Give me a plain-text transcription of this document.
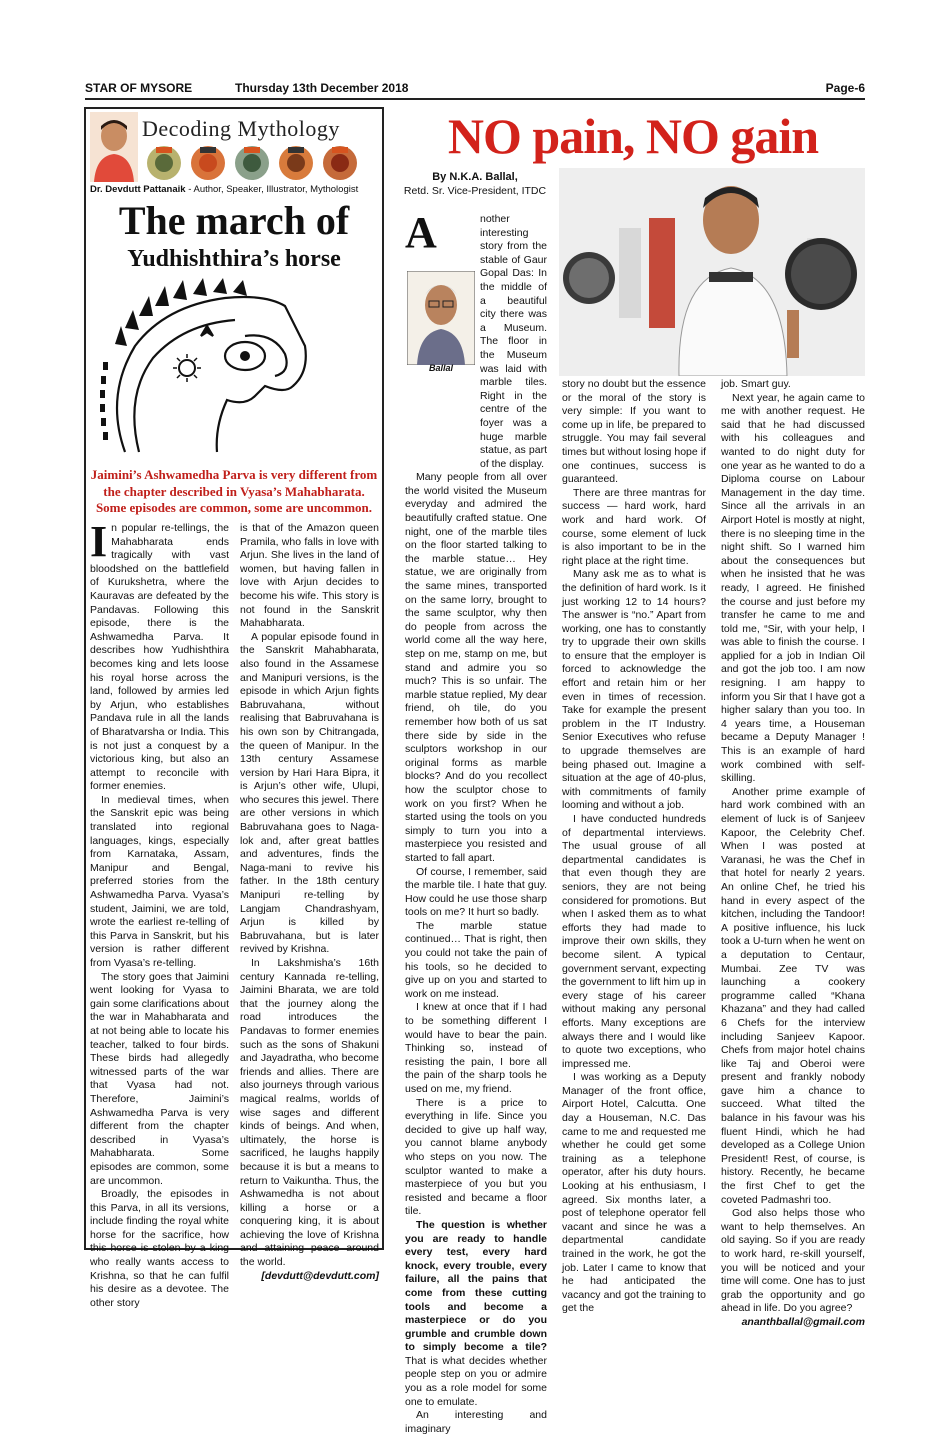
STAR OF MYSORE	Thursday 13th December 2018	Page-6
Decoding Mythology
Dr. Devdutt Pattanaik - Author, Speaker, Illustrator, Mythologist
The march of
Yudhishthira’s horse
Jaimini’s Ashwamedha Parva is very different from the chapter described in Vyasa’s Mahabharata. Some episodes are common, some are uncommon.

In popular re-tellings, the Mahabharata ends tragically with vast bloodshed on the battlefield of Kurukshetra, where the Kauravas are defeated by the Pandavas. Following this episode, there is the Ashwamedha Parva. It describes how Yudhishthira becomes king and lets loose his royal horse across the land, followed by armies led by Arjun, who establishes Pandava rule in all the lands of Bharatvarsha or India. This is not just a conquest by a victorious king, but also an attempt to reconcile with former enemies.

In medieval times, when the Sanskrit epic was being translated into regional languages, kings, especially from Karnataka, Assam, Manipur and Bengal, preferred stories from the Ashwamedha Parva. Vyasa’s student, Jaimini, we are told, wrote the earliest re-telling of this Parva in Sanskrit, but his version is rather different from Vyasa’s re-telling.

The story goes that Jaimini went looking for Vyasa to gain some clarifications about the war in Mahabharata and at not being able to locate his teacher, talked to four birds. These birds had allegedly witnessed parts of the war that Vyasa had not. Therefore, Jaimini’s Ashwamedha Parva is very different from the chapter described in Vyasa’s Mahabharata. Some episodes are common, some are uncommon.

Broadly, the episodes in this Parva, in all its versions, include finding the royal white horse for the sacrifice, how this horse is stolen by a king who really wants access to Krishna, so that he can fulfil his desire as a devotee. The other story

is that of the Amazon queen Pramila, who falls in love with Arjun. She lives in the land of women, but having fallen in love with Arjun decides to become his wife. This story is not found in the Sanskrit Mahabharata.

A popular episode found in the Sanskrit Mahabharata, also found in the Assamese and Manipuri versions, is the episode in which Arjun fights Babruvahana, without realising that Babruvahana is his own son by Chitrangada, the queen of Manipur. In the 13th century Assamese version by Hari Hara Bipra, it is Arjun’s other wife, Ulupi, who secures this jewel. There are other versions in which Babruvahana goes to Naga-lok and, after great battles and adventures, finds the Naga-mani to revive his father. In the 18th century Manipuri re-telling by Langjam Chandrashyam, Arjun is killed by Babruvahana, but is later revived by Krishna.

In Lakshmisha’s 16th century Kannada re-telling, Jaimini Bharata, we are told that the journey along the road introduces the Pandavas to former enemies such as the sons of Shakuni and Jayadratha, who become friends and allies. There are also journeys through various magical realms, worlds of wise sages and different kinds of beings. And when, ultimately, the horse is sacrificed, he laughs happily because it is but a means to return to Vaikuntha. Thus, the Ashwamedha is not about killing a horse or a conquering king, it is about achieving the love of Krishna and attaining peace around the world.

[devdutt@devdutt.com]

NO pain, NO gain
By N.K.A. Ballal,
Retd. Sr. Vice-President, ITDC
Ballal

A	nother interesting story from the stable of Gaur Gopal Das: In the middle of a beautiful city there was a Museum. The floor in the Museum was laid with marble tiles. Right in the centre of the foyer was a huge marble statue, as part of the display.

Many people from all over the world visited the Museum everyday and admired the beautifully crafted statue. One night, one of the marble tiles on the floor started talking to the marble statue… Hey statue, we are originally from the same mines, transported on the same lorry, brought to the same sculptor, why then do people from across the world come all the way here, step on me, stamp on me, but stand and admire you so much? This is so unfair. The marble statue replied, My dear friend, oh tile, do you remember how both of us sat there side by side in the sculptors workshop in our original forms as marble blocks? And do you recollect how the sculptor chose to work on you first? When he started using the tools on you simply to turn you into a masterpiece you resisted and started to fall apart.

Of course, I remember, said the marble tile. I hate that guy. How could he use those sharp tools on me? It hurt so badly.

The marble statue continued… That is right, then you could not take the pain of his tools, so he decided to give up on you and started to work on me instead.

I knew at once that if I had to be something different I would have to bear the pain. Thinking so, instead of resisting the pain, I bore all the pain of the sharp tools he used on me, my friend.

There is a price to everything in life. Since you decided to give up half way, you cannot blame anybody who steps on you now. The sculptor wanted to make a masterpiece of you but you resisted and became a floor tile.

The question is whether you are ready to handle every test, every hard knock, every trouble, every failure, all the pains that come from these cutting tools and become a masterpiece or do you grumble and crumble down to simply become a tile? That is what decides whether people step on you or admire you as a role model for some one to emulate.

An interesting and imaginary

story no doubt but the essence or the moral of the story is very simple: If you want to come up in life, be prepared to struggle. You may fail several times but without losing hope if one continues, success is guaranteed.

There are three mantras for success — hard work, hard work and hard work. Of course, some element of luck is also important to be in the right place at the right time.

Many ask me as to what is the definition of hard work. Is it just working 12 to 14 hours? The answer is “no.” Apart from working, one has to constantly try to upgrade their own skills to ensure that the employer is forced to acknowledge the effort and retain him or her even in times of recession. Take for example the present problem in the IT Industry. Senior Executives who refuse to upgrade themselves are being phased out. Imagine a situation at the age of 40-plus, with commitments of family looming and without a job.

I have conducted hundreds of departmental interviews. The usual grouse of all departmental candidates is that even though they are seniors, they are not being considered for promotions. But when I asked them as to what efforts they had made to improve their own skills, they become silent. A typical government servant, expecting the government to lift him up in every stage of his career without making any personal efforts. Many exceptions are always there and I would like to quote two exceptions, who impressed me.

I was working as a Deputy Manager of the front office, Airport Hotel, Calcutta. One day a Houseman, N.C. Das came to me and requested me whether he could get some training as a telephone operator, after his duty hours. Looking at his enthusiasm, I agreed. Six months later, a post of telephone operator fell vacant and since he was a departmental candidate trained in the work, he got the job. Later I came to know that he had anticipated the vacancy and got the training to get the

job. Smart guy.

Next year, he again came to me with another request. He said that he had discussed with his colleagues and wanted to do night duty for one year as he wanted to do a Diploma course on Labour Management in the day time. Since all the arrivals in an Airport Hotel is mostly at night, there is no sleeping time in the night shift. So I warned him about the consequences but when he insisted that he was ready, I agreed. He finished the course and just before my transfer he came to me and told me, “Sir, with your help, I was able to finish the course. I applied for a job in Indian Oil and got the job too. I am now resigning. I am happy to inform you Sir that I have got a higher salary than you too. In 4 years time, a Houseman became a Deputy Manager ! This is an example of hard work combined with self-skilling.

Another prime example of hard work combined with an element of luck is of Sanjeev Kapoor, the Celebrity Chef. When I was posted at Varanasi, he was the Chef in that hotel for nearly 2 years. An online Chef, he tried his hand in every aspect of the kitchen, including the Tandoor! A positive influence, his luck took a U-turn when he went on a deputation to Centaur, Mumbai. Zee TV was launching a cookery programme called “Khana Khazana” and they had called 6 Chefs for the interview including Sanjeev Kapoor. Chefs from major hotel chains like Taj and Oberoi were present and frankly nobody gave him a chance to succeed. What tilted the balance in his favour was his fluent Hindi, which he had developed as a College Union President! Rest, of course, is history. Recently, he became the first Chef to get the coveted Padmashri too.

God also helps those who want to help themselves. An old saying. So if you are ready to work hard, re-skill yourself, you will be noticed and your time will come. One has to just grab the opportunity and go ahead in life. Do you agree?

ananthballal@gmail.com
